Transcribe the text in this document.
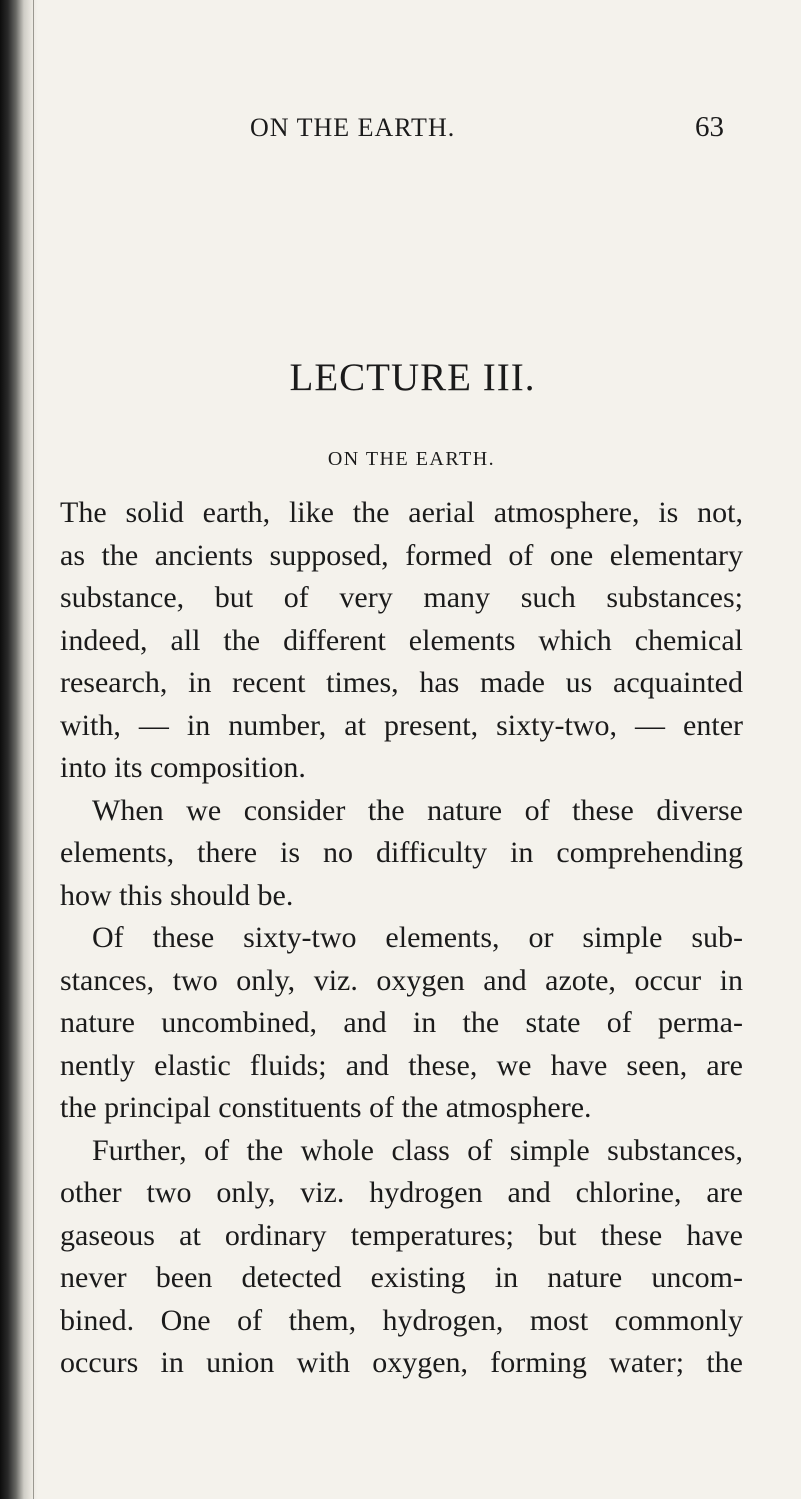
ON THE EARTH.	63
LECTURE III.
ON THE EARTH.
The solid earth, like the aerial atmosphere, is not,
as the ancients supposed, formed of one elementary
substance, but of very many such substances;
indeed, all the different elements which chemical
research, in recent times, has made us acquainted
with, — in number, at present, sixty-two, — enter
into its composition.
When we consider the nature of these diverse
elements, there is no difficulty in comprehending
how this should be.
Of these sixty-two elements, or simple sub-
stances, two only, viz. oxygen and azote, occur in
nature uncombined, and in the state of perma-
nently elastic fluids; and these, we have seen, are
the principal constituents of the atmosphere.
Further, of the whole class of simple substances,
other two only, viz. hydrogen and chlorine, are
gaseous at ordinary temperatures; but these have
never been detected existing in nature uncom-
bined. One of them, hydrogen, most commonly
occurs in union with oxygen, forming water; the
